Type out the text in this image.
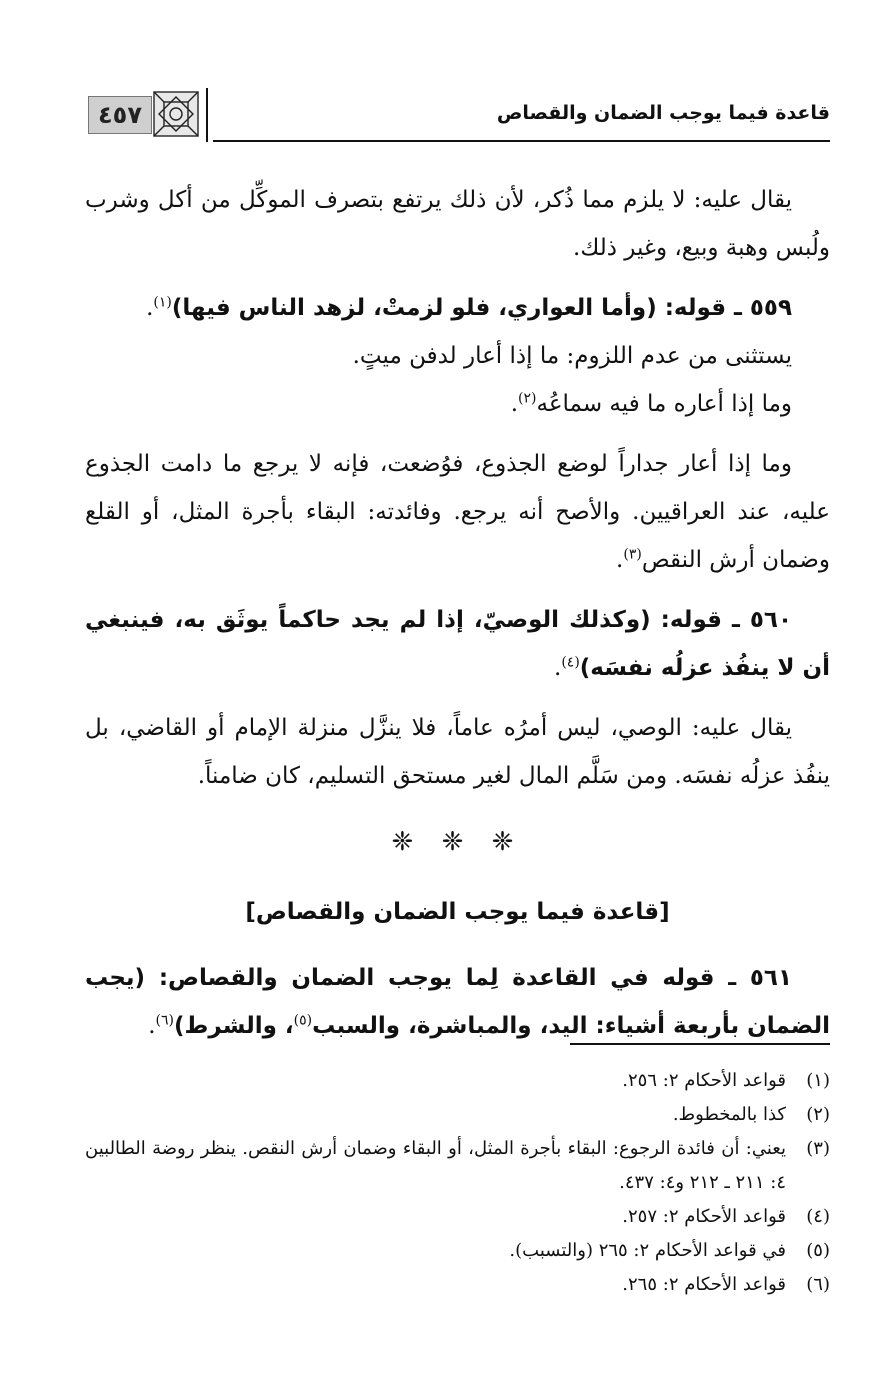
٤٥٧	قاعدة فيما يوجب الضمان والقصاص

يقال عليه: لا يلزم مما ذُكر، لأن ذلك يرتفع بتصرف الموكِّل من أكل وشرب ولُبس وهبة وبيع، وغير ذلك.

٥٥٩ ـ قوله: (وأما العواري، فلو لزمتْ، لزهد الناس فيها)$^{(١)}$.

يستثنى من عدم اللزوم: ما إذا أعار لدفن ميتٍ.

وما إذا أعاره ما فيه سماعُه$^{(٢)}$.

وما إذا أعار جداراً لوضع الجذوع، فوُضعت، فإنه لا يرجع ما دامت الجذوع عليه، عند العراقيين. والأصح أنه يرجع. وفائدته: البقاء بأجرة المثل، أو القلع وضمان أرش النقص$^{(٣)}$.

٥٦٠ ـ قوله: (وكذلك الوصيّ، إذا لم يجد حاكماً يوثَق به، فينبغي أن لا ينفُذ عزلُه نفسَه)$^{(٤)}$.

يقال عليه: الوصي، ليس أمرُه عاماً، فلا ينزَّل منزلة الإمام أو القاضي، بل ينفُذ عزلُه نفسَه. ومن سَلَّم المال لغير مستحق التسليم، كان ضامناً.

❈ ❈ ❈
[قاعدة فيما يوجب الضمان والقصاص]

٥٦١ ـ قوله في القاعدة لِما يوجب الضمان والقصاص: (يجب الضمان بأربعة أشياء: اليد، والمباشرة، والسبب$^{(٥)}$، والشرط)$^{(٦)}$.

(١)
قواعد الأحكام ٢: ٢٥٦.
(٢)
كذا بالمخطوط.
(٣)
يعني: أن فائدة الرجوع: البقاء بأجرة المثل، أو البقاء وضمان أرش النقص. ينظر روضة الطالبين ٤: ٢١١ ـ ٢١٢ و٤: ٤٣٧.
(٤)
قواعد الأحكام ٢: ٢٥٧.
(٥)
في قواعد الأحكام ٢: ٢٦٥ (والتسبب).
(٦)
قواعد الأحكام ٢: ٢٦٥.
